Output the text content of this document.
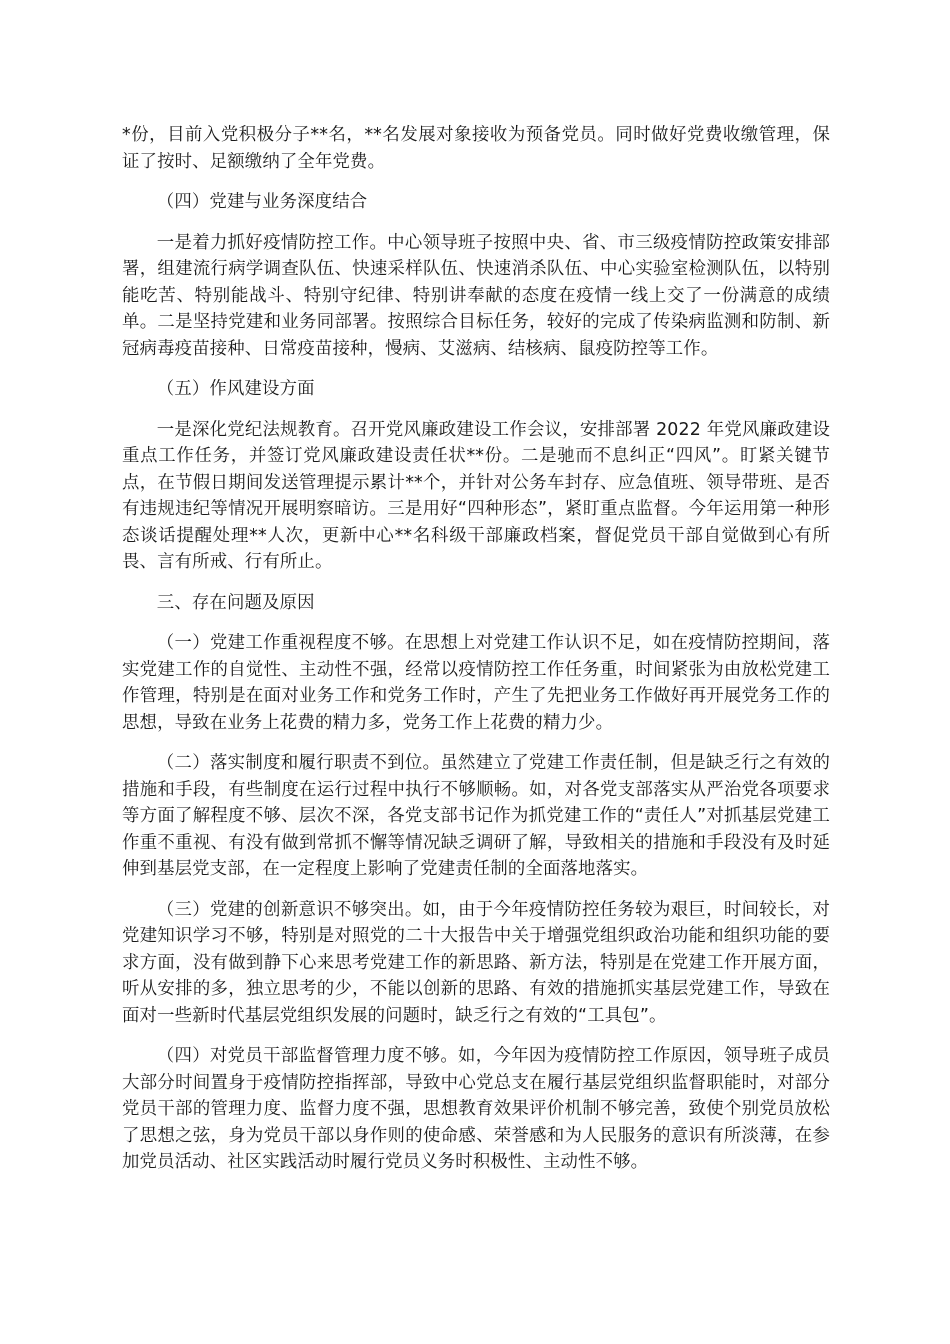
*份，目前入党积极分子**名，**名发展对象接收为预备党员。同时做好党费收缴管理，保证了按时、足额缴纳了全年党费。

（四）党建与业务深度结合

一是着力抓好疫情防控工作。中心领导班子按照中央、省、市三级疫情防控政策安排部署，组建流行病学调查队伍、快速采样队伍、快速消杀队伍、中心实验室检测队伍，以特别能吃苦、特别能战斗、特别守纪律、特别讲奉献的态度在疫情一线上交了一份满意的成绩单。二是坚持党建和业务同部署。按照综合目标任务，较好的完成了传染病监测和防制、新冠病毒疫苗接种、日常疫苗接种，慢病、艾滋病、结核病、鼠疫防控等工作。

（五）作风建设方面

一是深化党纪法规教育。召开党风廉政建设工作会议，安排部署 2022 年党风廉政建设重点工作任务，并签订党风廉政建设责任状**份。二是驰而不息纠正“四风”。盯紧关键节点，在节假日期间发送管理提示累计**个，并针对公务车封存、应急值班、领导带班、是否有违规违纪等情况开展明察暗访。三是用好“四种形态”，紧盯重点监督。今年运用第一种形态谈话提醒处理**人次，更新中心**名科级干部廉政档案，督促党员干部自觉做到心有所畏、言有所戒、行有所止。

三、存在问题及原因

（一）党建工作重视程度不够。在思想上对党建工作认识不足，如在疫情防控期间，落实党建工作的自觉性、主动性不强，经常以疫情防控工作任务重，时间紧张为由放松党建工作管理，特别是在面对业务工作和党务工作时，产生了先把业务工作做好再开展党务工作的思想，导致在业务上花费的精力多，党务工作上花费的精力少。

（二）落实制度和履行职责不到位。虽然建立了党建工作责任制，但是缺乏行之有效的措施和手段，有些制度在运行过程中执行不够顺畅。如，对各党支部落实从严治党各项要求等方面了解程度不够、层次不深，各党支部书记作为抓党建工作的“责任人”对抓基层党建工作重不重视、有没有做到常抓不懈等情况缺乏调研了解，导致相关的措施和手段没有及时延伸到基层党支部，在一定程度上影响了党建责任制的全面落地落实。

（三）党建的创新意识不够突出。如，由于今年疫情防控任务较为艰巨，时间较长，对党建知识学习不够，特别是对照党的二十大报告中关于增强党组织政治功能和组织功能的要求方面，没有做到静下心来思考党建工作的新思路、新方法，特别是在党建工作开展方面，听从安排的多，独立思考的少，不能以创新的思路、有效的措施抓实基层党建工作，导致在面对一些新时代基层党组织发展的问题时，缺乏行之有效的“工具包”。

（四）对党员干部监督管理力度不够。如，今年因为疫情防控工作原因，领导班子成员大部分时间置身于疫情防控指挥部，导致中心党总支在履行基层党组织监督职能时，对部分党员干部的管理力度、监督力度不强，思想教育效果评价机制不够完善，致使个别党员放松了思想之弦，身为党员干部以身作则的使命感、荣誉感和为人民服务的意识有所淡薄，在参加党员活动、社区实践活动时履行党员义务时积极性、主动性不够。
